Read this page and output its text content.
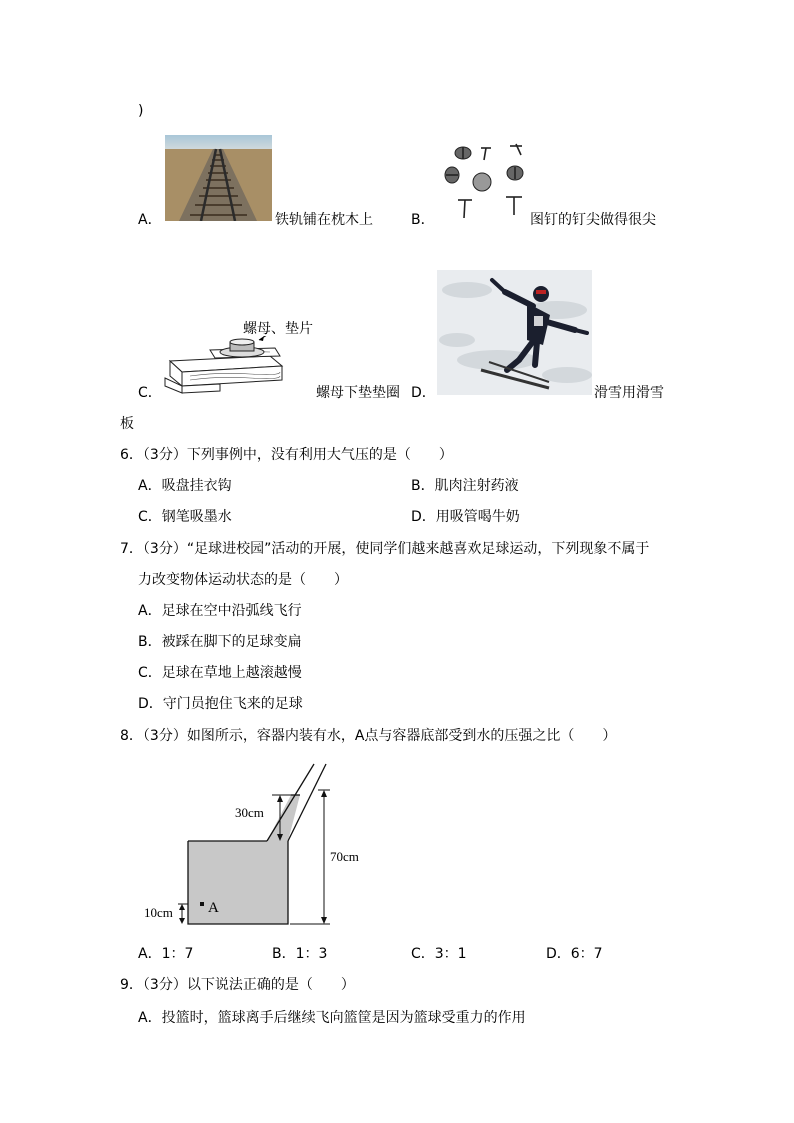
)
A．	铁轨铺在枕木上	B．	图钉的钉尖做得很尖
螺母、垫片
C．	螺母下垫垫圈 D．	滑雪用滑雪
板
6．（3分）下列事例中，没有利用大气压的是（　　）
A．吸盘挂衣钩	B．肌肉注射药液
C．钢笔吸墨水	D．用吸管喝牛奶
7．（3分）“足球进校园”活动的开展，使同学们越来越喜欢足球运动，下列现象不属于
力改变物体运动状态的是（　　）
A．足球在空中沿弧线飞行
B．被踩在脚下的足球变扁
C．足球在草地上越滚越慢
D．守门员抱住飞来的足球
8．（3分）如图所示，容器内装有水，A点与容器底部受到水的压强之比（　　）
30cm
70cm
10cm A
A．1：7	B．1：3	C．3：1	D．6：7
9．（3分）以下说法正确的是（　　）
A．投篮时，篮球离手后继续飞向篮筐是因为篮球受重力的作用
